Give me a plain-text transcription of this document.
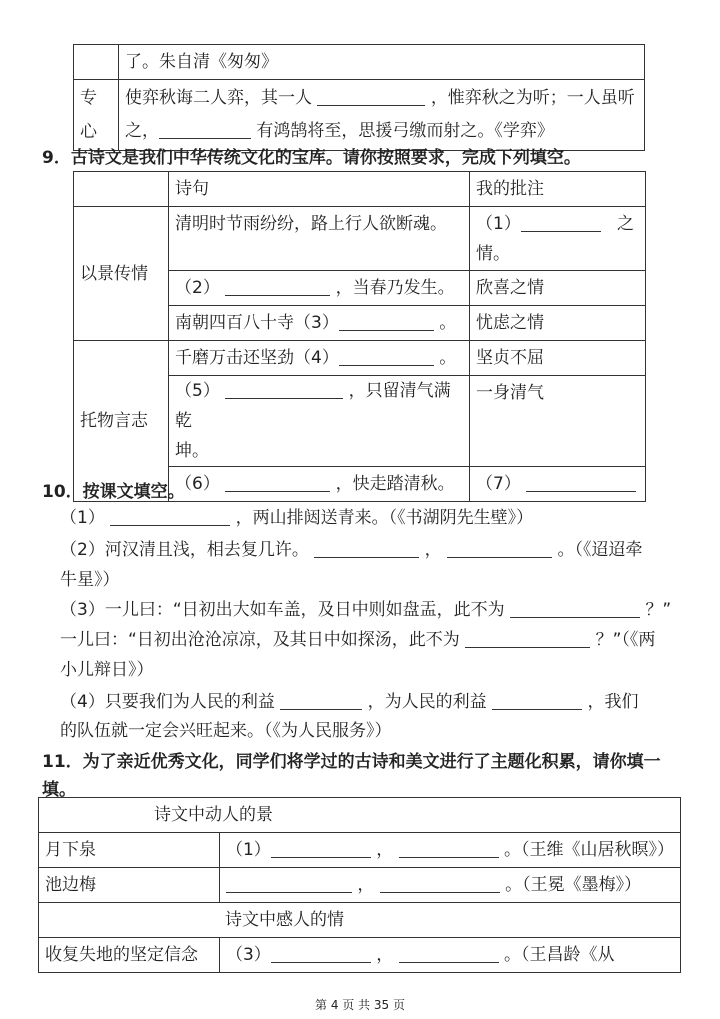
	了。朱自清《匆匆》
专心	使弈秋诲二人弈，其一人 ，惟弈秋之为听；一人虽听
之， 有鸿鹄将至，思援弓缴而射之。《学弈》
9．古诗文是我们中华传统文化的宝库。请你按照要求，完成下列填空。
	诗句	我的批注
以景传情	清明时节雨纷纷，路上行人欲断魂。	（1） 之
情。
	（2） ，当春乃发生。	欣喜之情
	南朝四百八十寺（3） 。	忧虑之情
托物言志	千磨万击还坚劲（4） 。	坚贞不屈
	（5） ，只留清气满乾
坤。	一身清气
	（6） ，快走踏清秋。	（7）
10．按课文填空。
（1）	，两山排闼送青来。（《书湖阴先生壁》）
（2）河汉清且浅，相去复几许。	，	。（《迢迢牵
牛星》）
（3）一儿曰：“日初出大如车盖，及日中则如盘盂，此不为	？”
一儿曰：“日初出沧沧凉凉，及其日中如探汤，此不为	？”（《两
小儿辩日》）
（4）只要我们为人民的利益	，为人民的利益	，我们
的队伍就一定会兴旺起来。（《为人民服务》）
11．为了亲近优秀文化，同学们将学过的古诗和美文进行了主题化积累，请你填一
填。
诗文中动人的景	
月下泉	（1） ， 。（王维《山居秋暝》）
池边梅	， 。（王冕《墨梅》）
诗文中感人的情	
收复失地的坚定信念	（3） ， 。（王昌龄《从
第 4 页 共 35 页
